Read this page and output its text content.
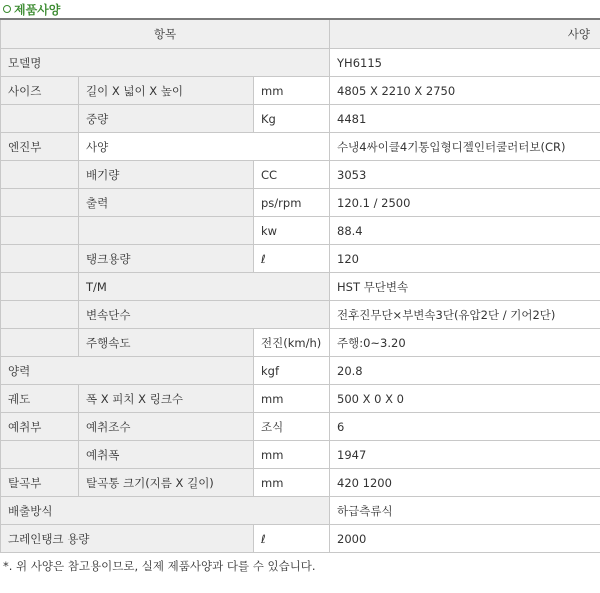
제품사양
항목			사양
모델명			YH6115
사이즈	길이 X 넓이 X 높이	mm	4805 X 2210 X 2750
	중량	Kg	4481
엔진부	사양		수냉4싸이클4기통입형디젤인터쿨러터보(CR)
	배기량	CC	3053
	출력	ps/rpm	120.1 / 2500
		kw	88.4
	탱크용량	ℓ	120
	T/M		HST 무단변속
	변속단수		전후진무단×부변속3단(유압2단 / 기어2단)
	주행속도	전진(km/h)	주행:0~3.20
양력		kgf	20.8
궤도	폭 X 피치 X 링크수	mm	500 X 0 X 0
예취부	예취조수	조식	6
	예취폭	mm	1947
탈곡부	탈곡통 크기(지름 X 길이)	mm	420 1200
배출방식			하급측류식
그레인탱크 용량		ℓ	2000
*. 위 사양은 참고용이므로, 실제 제품사양과 다를 수 있습니다.
